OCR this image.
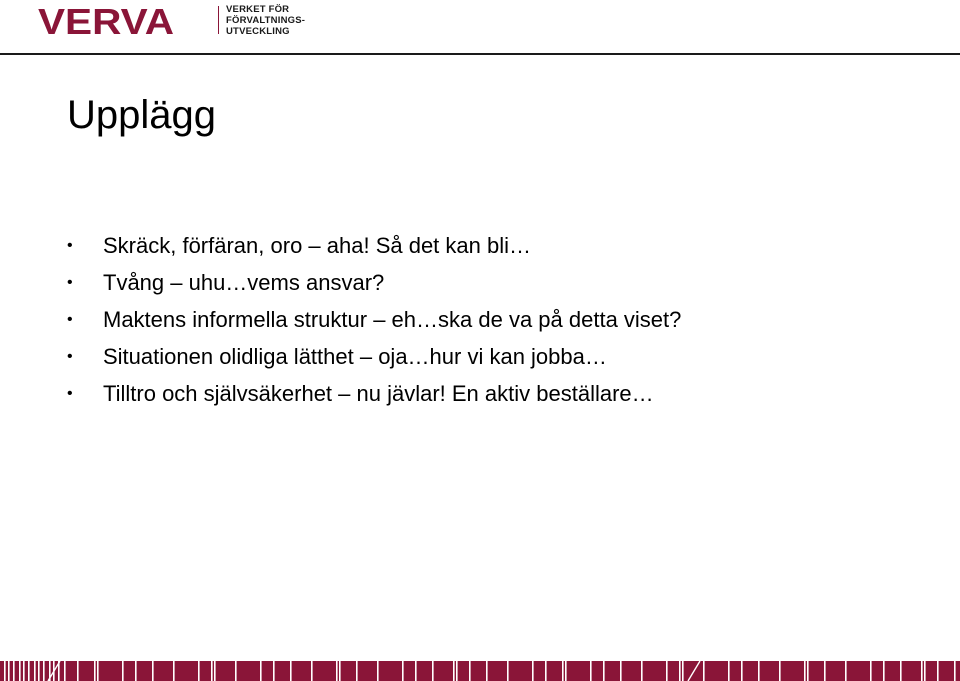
VERVA	VERKET FÖR
FÖRVALTNINGS-
UTVECKLING
Upplägg
• Skräck, förfäran, oro – aha! Så det kan bli…
• Tvång – uhu…vems ansvar?
• Maktens informella struktur – eh…ska de va på detta viset?
• Situationen olidliga lätthet – oja…hur vi kan jobba…
• Tilltro och självsäkerhet – nu jävlar! En aktiv beställare…
